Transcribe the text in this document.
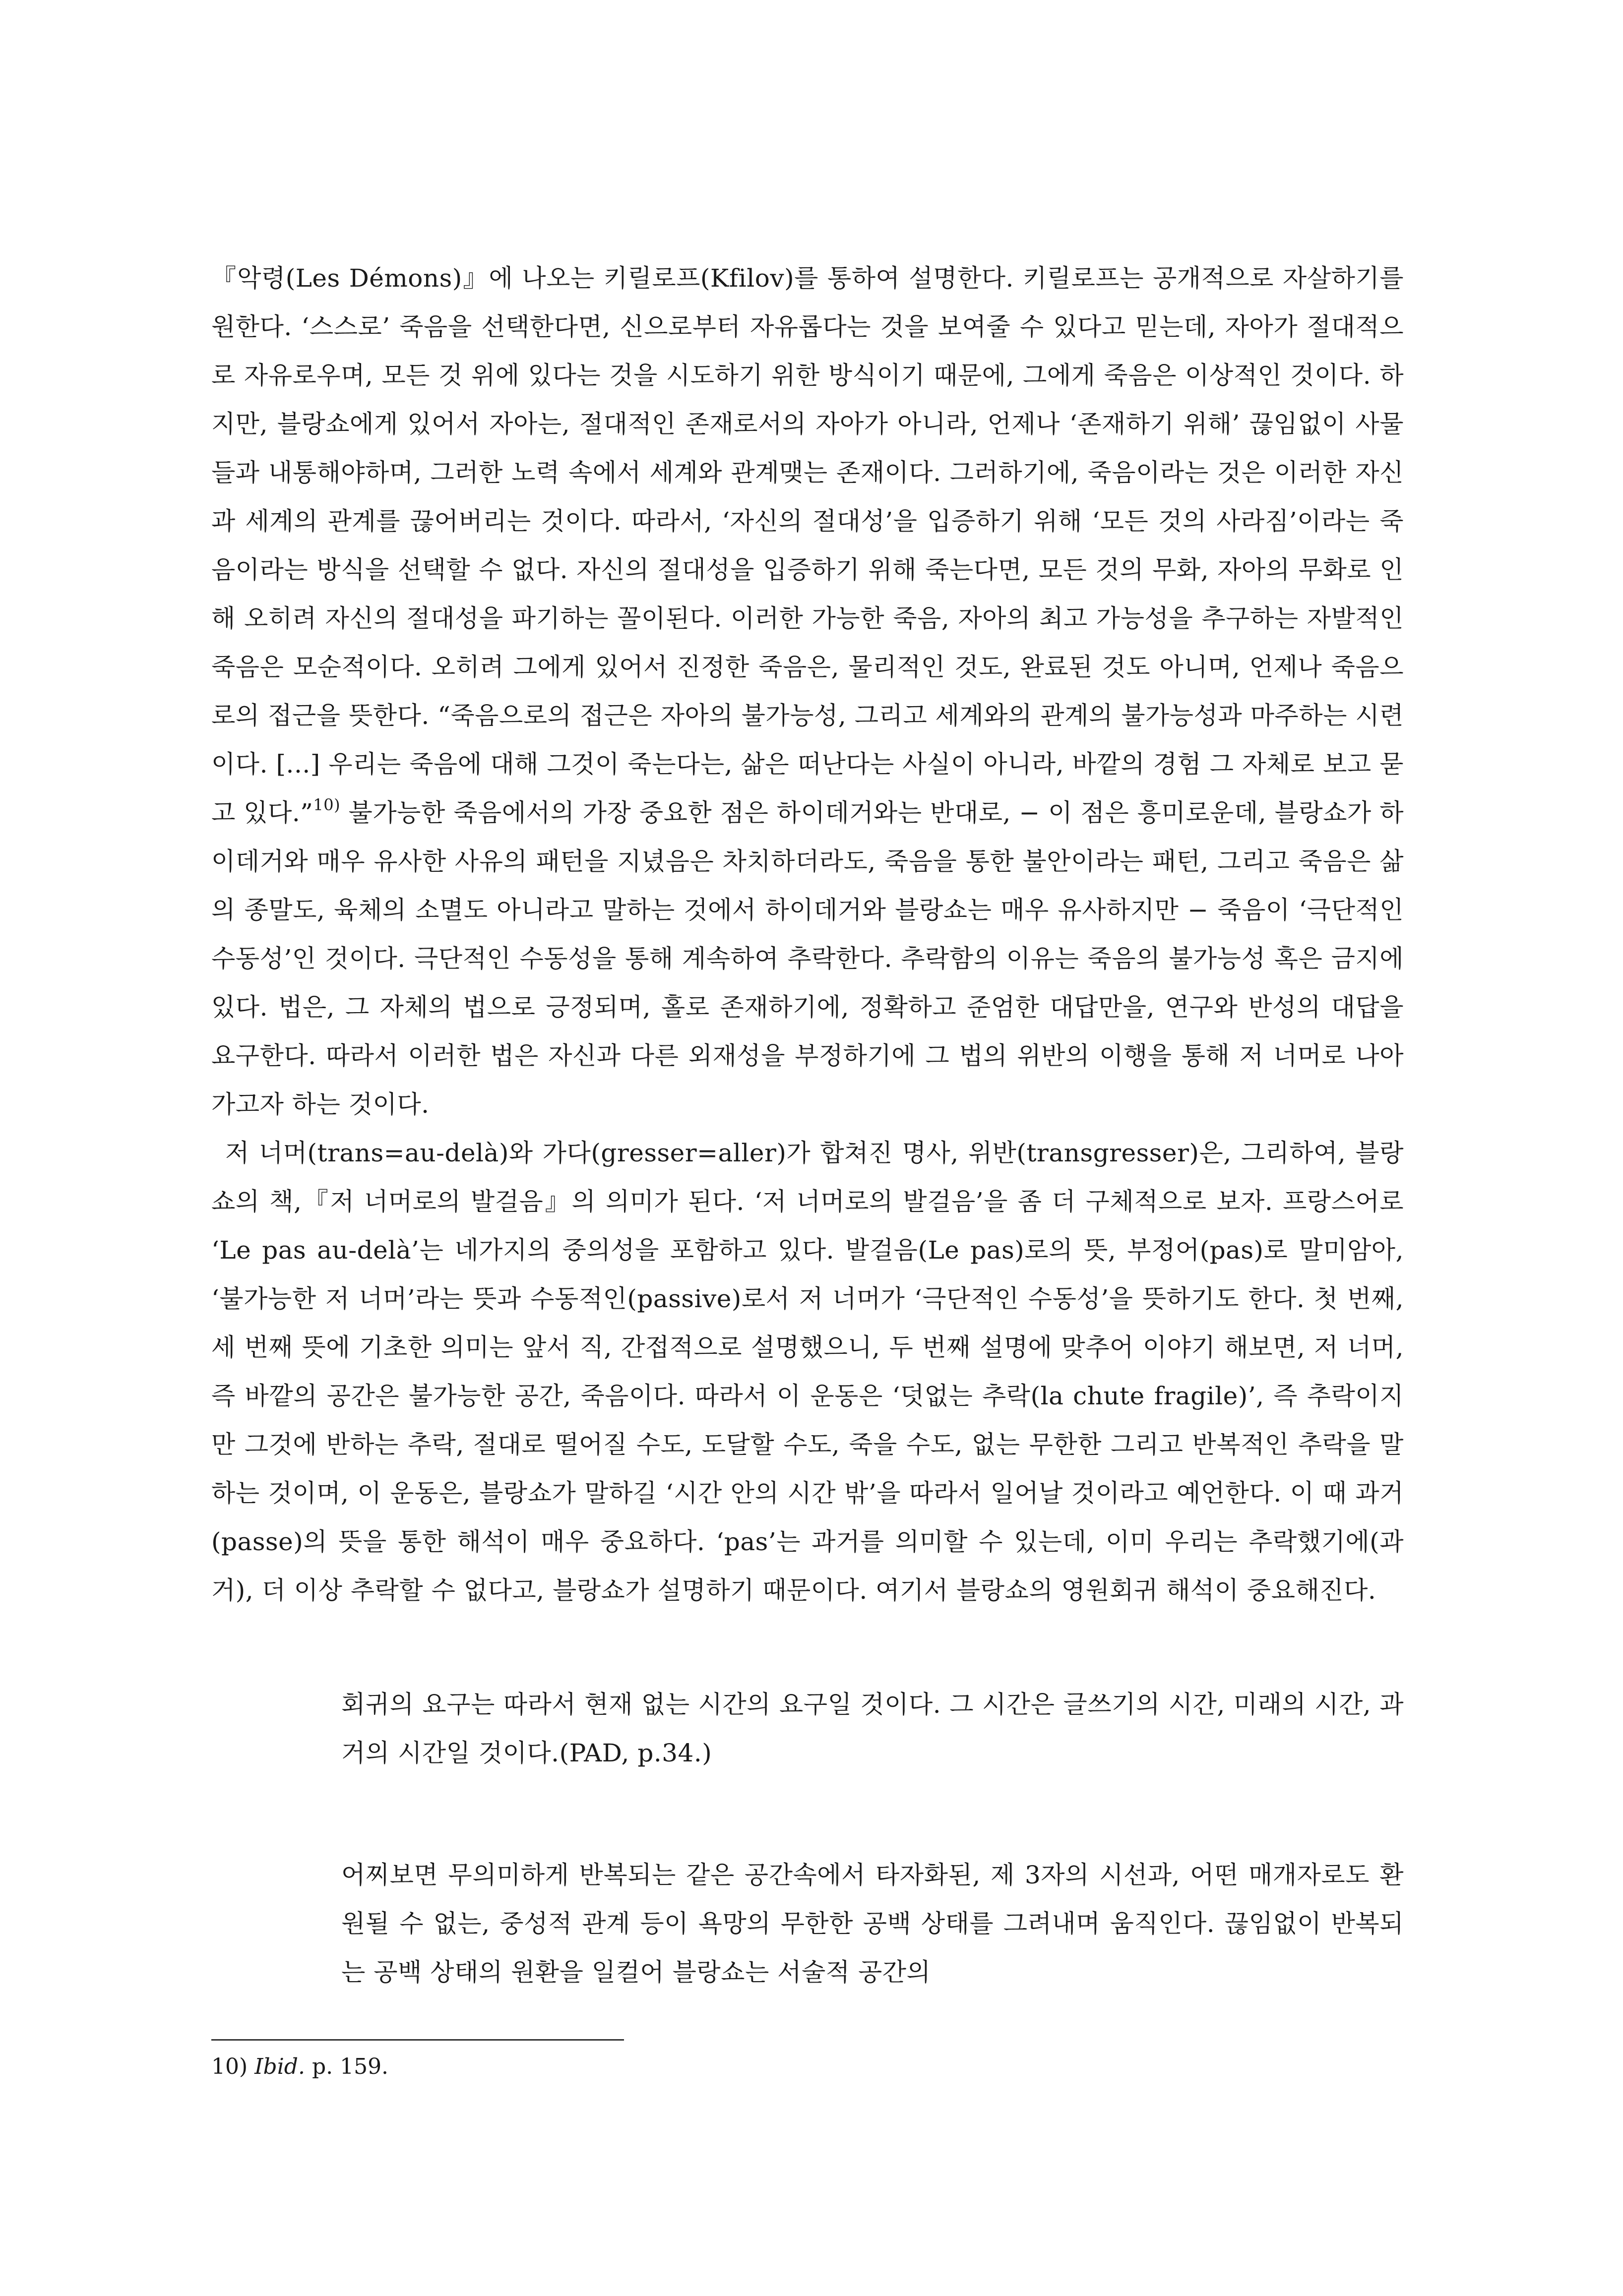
『악령(Les Démons)』에 나오는 키릴로프(Kfilov)를 통하여 설명한다. 키릴로프는 공개적으로 자살하기를 원한다. ‘스스로’ 죽음을 선택한다면, 신으로부터 자유롭다는 것을 보여줄 수 있다고 믿는데, 자아가 절대적으로 자유로우며, 모든 것 위에 있다는 것을 시도하기 위한 방식이기 때문에, 그에게 죽음은 이상적인 것이다. 하지만, 블랑쇼에게 있어서 자아는, 절대적인 존재로서의 자아가 아니라, 언제나 ‘존재하기 위해’ 끊임없이 사물들과 내통해야하며, 그러한 노력 속에서 세계와 관계맺는 존재이다. 그러하기에, 죽음이라는 것은 이러한 자신과 세계의 관계를 끊어버리는 것이다. 따라서, ‘자신의 절대성’을 입증하기 위해 ‘모든 것의 사라짐’이라는 죽음이라는 방식을 선택할 수 없다. 자신의 절대성을 입증하기 위해 죽는다면, 모든 것의 무화, 자아의 무화로 인해 오히려 자신의 절대성을 파기하는 꼴이된다. 이러한 가능한 죽음, 자아의 최고 가능성을 추구하는 자발적인 죽음은 모순적이다. 오히려 그에게 있어서 진정한 죽음은, 물리적인 것도, 완료된 것도 아니며, 언제나 죽음으로의 접근을 뜻한다. “죽음으로의 접근은 자아의 불가능성, 그리고 세계와의 관계의 불가능성과 마주하는 시련이다. [...] 우리는 죽음에 대해 그것이 죽는다는, 삶은 떠난다는 사실이 아니라, 바깥의 경험 그 자체로 보고 묻고 있다.”$^{10)}$ 불가능한 죽음에서의 가장 중요한 점은 하이데거와는 반대로, − 이 점은 흥미로운데, 블랑쇼가 하이데거와 매우 유사한 사유의 패턴을 지녔음은 차치하더라도, 죽음을 통한 불안이라는 패턴, 그리고 죽음은 삶의 종말도, 육체의 소멸도 아니라고 말하는 것에서 하이데거와 블랑쇼는 매우 유사하지만 − 죽음이 ‘극단적인 수동성’인 것이다. 극단적인 수동성을 통해 계속하여 추락한다. 추락함의 이유는 죽음의 불가능성 혹은 금지에 있다. 법은, 그 자체의 법으로 긍정되며, 홀로 존재하기에, 정확하고 준엄한 대답만을, 연구와 반성의 대답을 요구한다. 따라서 이러한 법은 자신과 다른 외재성을 부정하기에 그 법의 위반의 이행을 통해 저 너머로 나아가고자 하는 것이다.

저 너머(trans=au-delà)와 가다(gresser=aller)가 합쳐진 명사, 위반(transgresser)은, 그리하여, 블랑쇼의 책,『저 너머로의 발걸음』의 의미가 된다. ‘저 너머로의 발걸음’을 좀 더 구체적으로 보자. 프랑스어로 ‘Le pas au-delà’는 네가지의 중의성을 포함하고 있다. 발걸음(Le pas)로의 뜻, 부정어(pas)로 말미암아, ‘불가능한 저 너머’라는 뜻과 수동적인(passive)로서 저 너머가 ‘극단적인 수동성’을 뜻하기도 한다. 첫 번째, 세 번째 뜻에 기초한 의미는 앞서 직, 간접적으로 설명했으니, 두 번째 설명에 맞추어 이야기 해보면, 저 너머, 즉 바깥의 공간은 불가능한 공간, 죽음이다. 따라서 이 운동은 ‘덧없는 추락(la chute fragile)’, 즉 추락이지만 그것에 반하는 추락, 절대로 떨어질 수도, 도달할 수도, 죽을 수도, 없는 무한한 그리고 반복적인 추락을 말하는 것이며, 이 운동은, 블랑쇼가 말하길 ‘시간 안의 시간 밖’을 따라서 일어날 것이라고 예언한다. 이 때 과거(passe)의 뜻을 통한 해석이 매우 중요하다. ‘pas’는 과거를 의미할 수 있는데, 이미 우리는 추락했기에(과거), 더 이상 추락할 수 없다고, 블랑쇼가 설명하기 때문이다. 여기서 블랑쇼의 영원회귀 해석이 중요해진다.

회귀의 요구는 따라서 현재 없는 시간의 요구일 것이다. 그 시간은 글쓰기의 시간, 미래의 시간, 과거의 시간일 것이다.(PAD, p.34.)

어찌보면 무의미하게 반복되는 같은 공간속에서 타자화된, 제 3자의 시선과, 어떤 매개자로도 환원될 수 없는, 중성적 관계 등이 욕망의 무한한 공백 상태를 그려내며 움직인다. 끊임없이 반복되는 공백 상태의 원환을 일컬어 블랑쇼는 서술적 공간의

10) Ibid. p. 159.
